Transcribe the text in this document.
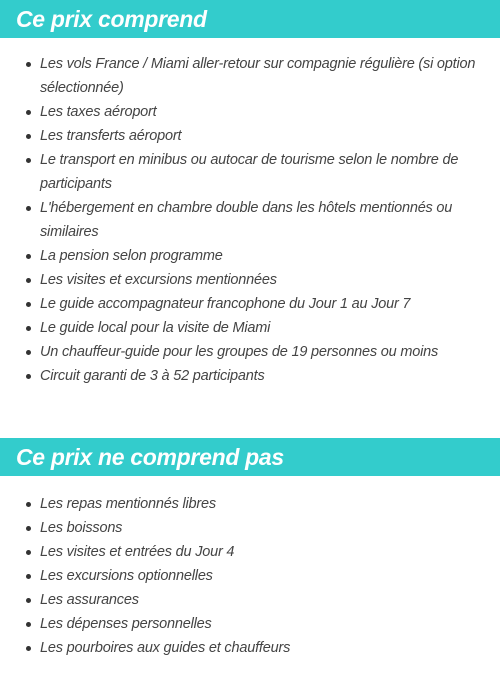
Ce prix comprend
Les vols France / Miami aller-retour sur compagnie régulière (si option sélectionnée)
Les taxes aéroport
Les transferts aéroport
Le transport en minibus ou autocar de tourisme selon le nombre de participants
L'hébergement en chambre double dans les hôtels mentionnés ou similaires
La pension selon programme
Les visites et excursions mentionnées
Le guide accompagnateur francophone du Jour 1 au Jour 7
Le guide local pour la visite de Miami
Un chauffeur-guide pour les groupes de 19 personnes ou moins
Circuit garanti de 3 à 52 participants
Ce prix ne comprend pas
Les repas mentionnés libres
Les boissons
Les visites et entrées du Jour 4
Les excursions optionnelles
Les assurances
Les dépenses personnelles
Les pourboires aux guides et chauffeurs
